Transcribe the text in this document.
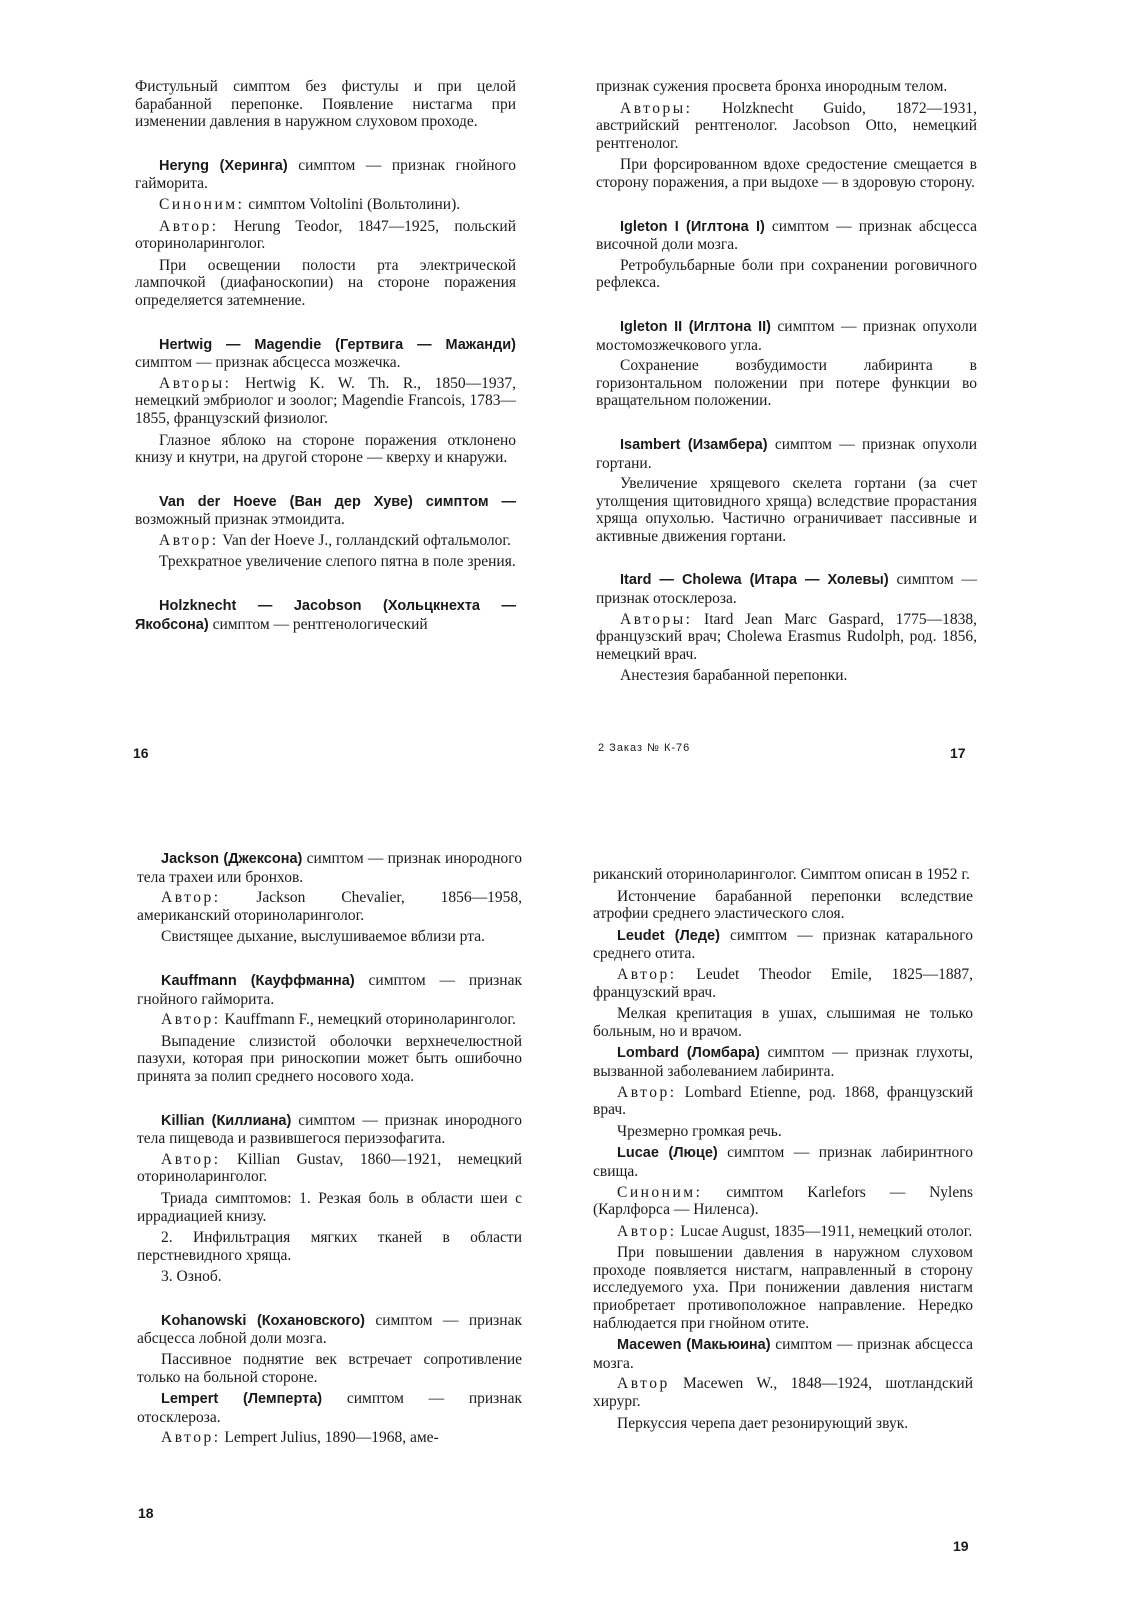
Фистульный симптом без фистулы и при целой барабанной перепонке. Появление нистагма при изменении давления в наружном слуховом проходе.

Heryng (Херинга) симптом — признак гнойного гайморита.

Синоним: симптом Voltolini (Вольтолини).

Автор: Herung Teodor, 1847—1925, польский оториноларинголог.

При освещении полости рта электрической лампочкой (диафаноскопии) на стороне поражения определяется затемнение.

Hertwig — Magendie (Гертвига — Мажанди) симптом — признак абсцесса мозжечка.

Авторы: Hertwig K. W. Th. R., 1850—1937, немецкий эмбриолог и зоолог; Magendie Francois, 1783—1855, французский физиолог.

Глазное яблоко на стороне поражения отклонено книзу и кнутри, на другой стороне — кверху и кнаружи.

Van der Hoeve (Ван дер Хуве) симптом — возможный признак этмоидита.

Автор: Van der Hoeve J., голландский офтальмолог.

Трехкратное увеличение слепого пятна в поле зрения.

Holzknecht — Jacobson (Хольцкнехта — Якобсона) симптом — рентгенологический

признак сужения просвета бронха инородным телом.

Авторы: Holzknecht Guido, 1872—1931, австрийский рентгенолог. Jacobson Otto, немецкий рентгенолог.

При форсированном вдохе средостение смещается в сторону поражения, а при выдохе — в здоровую сторону.

Igleton I (Иглтона I) симптом — признак абсцесса височной доли мозга.

Ретробульбарные боли при сохранении роговичного рефлекса.

Igleton II (Иглтона II) симптом — признак опухоли мостомозжечкового угла.

Сохранение возбудимости лабиринта в горизонтальном положении при потере функции во вращательном положении.

Isambert (Изамбера) симптом — признак опухоли гортани.

Увеличение хрящевого скелета гортани (за счет утолщения щитовидного хряща) вследствие прорастания хряща опухолью. Частично ограничивает пассивные и активные движения гортани.

Itard — Cholewa (Итара — Холевы) симптом — признак отосклероза.

Авторы: Itard Jean Marc Gaspard, 1775—1838, французский врач; Cholewa Erasmus Rudolph, род. 1856, немецкий врач.

Анестезия барабанной перепонки.

16	2 Заказ № К-76	17

Jackson (Джексона) симптом — признак инородного тела трахеи или бронхов.

Автор: Jackson Chevalier, 1856—1958, американский оториноларинголог.

Свистящее дыхание, выслушиваемое вблизи рта.

Kauffmann (Кауффманна) симптом — признак гнойного гайморита.

Автор: Kauffmann F., немецкий оториноларинголог.

Выпадение слизистой оболочки верхнечелюстной пазухи, которая при риноскопии может быть ошибочно принята за полип среднего носового хода.

Killian (Киллиана) симптом — признак инородного тела пищевода и развившегося периэзофагита.

Автор: Killian Gustav, 1860—1921, немецкий оториноларинголог.

Триада симптомов: 1. Резкая боль в области шеи с иррадиацией книзу.

2. Инфильтрация мягких тканей в области перстневидного хряща.

3. Озноб.

Kohanowski (Кохановского) симптом — признак абсцесса лобной доли мозга.

Пассивное поднятие век встречает сопротивление только на больной стороне.

Lempert (Лемперта) симптом — признак отосклероза.

Автор: Lempert Julius, 1890—1968, аме-

риканский оториноларинголог. Симптом описан в 1952 г.

Истончение барабанной перепонки вследствие атрофии среднего эластического слоя.

Leudet (Леде) симптом — признак катарального среднего отита.

Автор: Leudet Theodor Emile, 1825—1887, французский врач.

Мелкая крепитация в ушах, слышимая не только больным, но и врачом.

Lombard (Ломбара) симптом — признак глухоты, вызванной заболеванием лабиринта.

Автор: Lombard Etienne, род. 1868, французский врач.

Чрезмерно громкая речь.

Lucae (Люце) симптом — признак лабиринтного свища.

Синоним: симптом Karlefors — Nylens (Карлфорса — Ниленса).

Автор: Lucae August, 1835—1911, немецкий отолог.

При повышении давления в наружном слуховом проходе появляется нистагм, направленный в сторону исследуемого уха. При понижении давления нистагм приобретает противоположное направление. Нередко наблюдается при гнойном отите.

Macewen (Макьюина) симптом — признак абсцесса мозга.

Автор Macewen W., 1848—1924, шотландский хирург.

Перкуссия черепа дает резонирующий звук.

18
19
